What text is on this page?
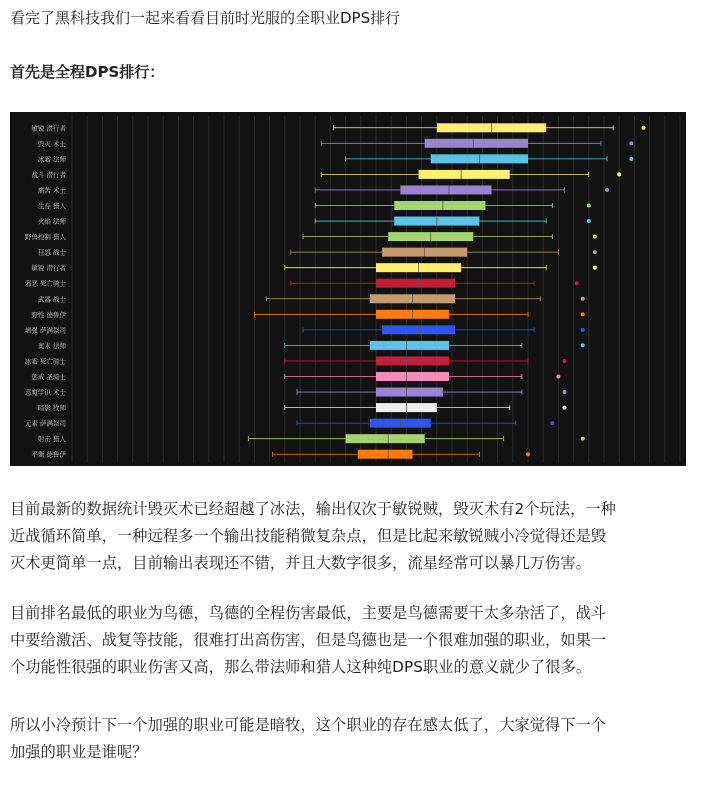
看完了黑科技我们一起来看看目前时光服的全职业DPS排行

首先是全程DPS排行：

敏锐 潜行者
毁灭 术士
冰霜 法师
战斗 潜行者
痛苦 术士
生存 猎人
火焰 法师
野兽控制 猎人
狂怒 战士
敏锐 潜行者
邪恶 死亡骑士
武器 战士
野性 德鲁伊
增强 萨满祭司
奥术 法师
冰霜 死亡骑士
惩戒 圣骑士
恶魔学识 术士
暗影 牧师
元素 萨满祭司
射击 猎人
平衡 德鲁伊

目前最新的数据统计毁灭术已经超越了冰法，输出仅次于敏锐贼，毁灭术有2个玩法，一种
近战循环简单，一种远程多一个输出技能稍微复杂点，但是比起来敏锐贼小冷觉得还是毁
灭术更简单一点，目前输出表现还不错，并且大数字很多，流星经常可以暴几万伤害。

目前排名最低的职业为鸟德，鸟德的全程伤害最低，主要是鸟德需要干太多杂活了，战斗
中要给激活、战复等技能，很难打出高伤害，但是鸟德也是一个很难加强的职业，如果一
个功能性很强的职业伤害又高，那么带法师和猎人这种纯DPS职业的意义就少了很多。

所以小冷预计下一个加强的职业可能是暗牧，这个职业的存在感太低了，大家觉得下一个
加强的职业是谁呢？
